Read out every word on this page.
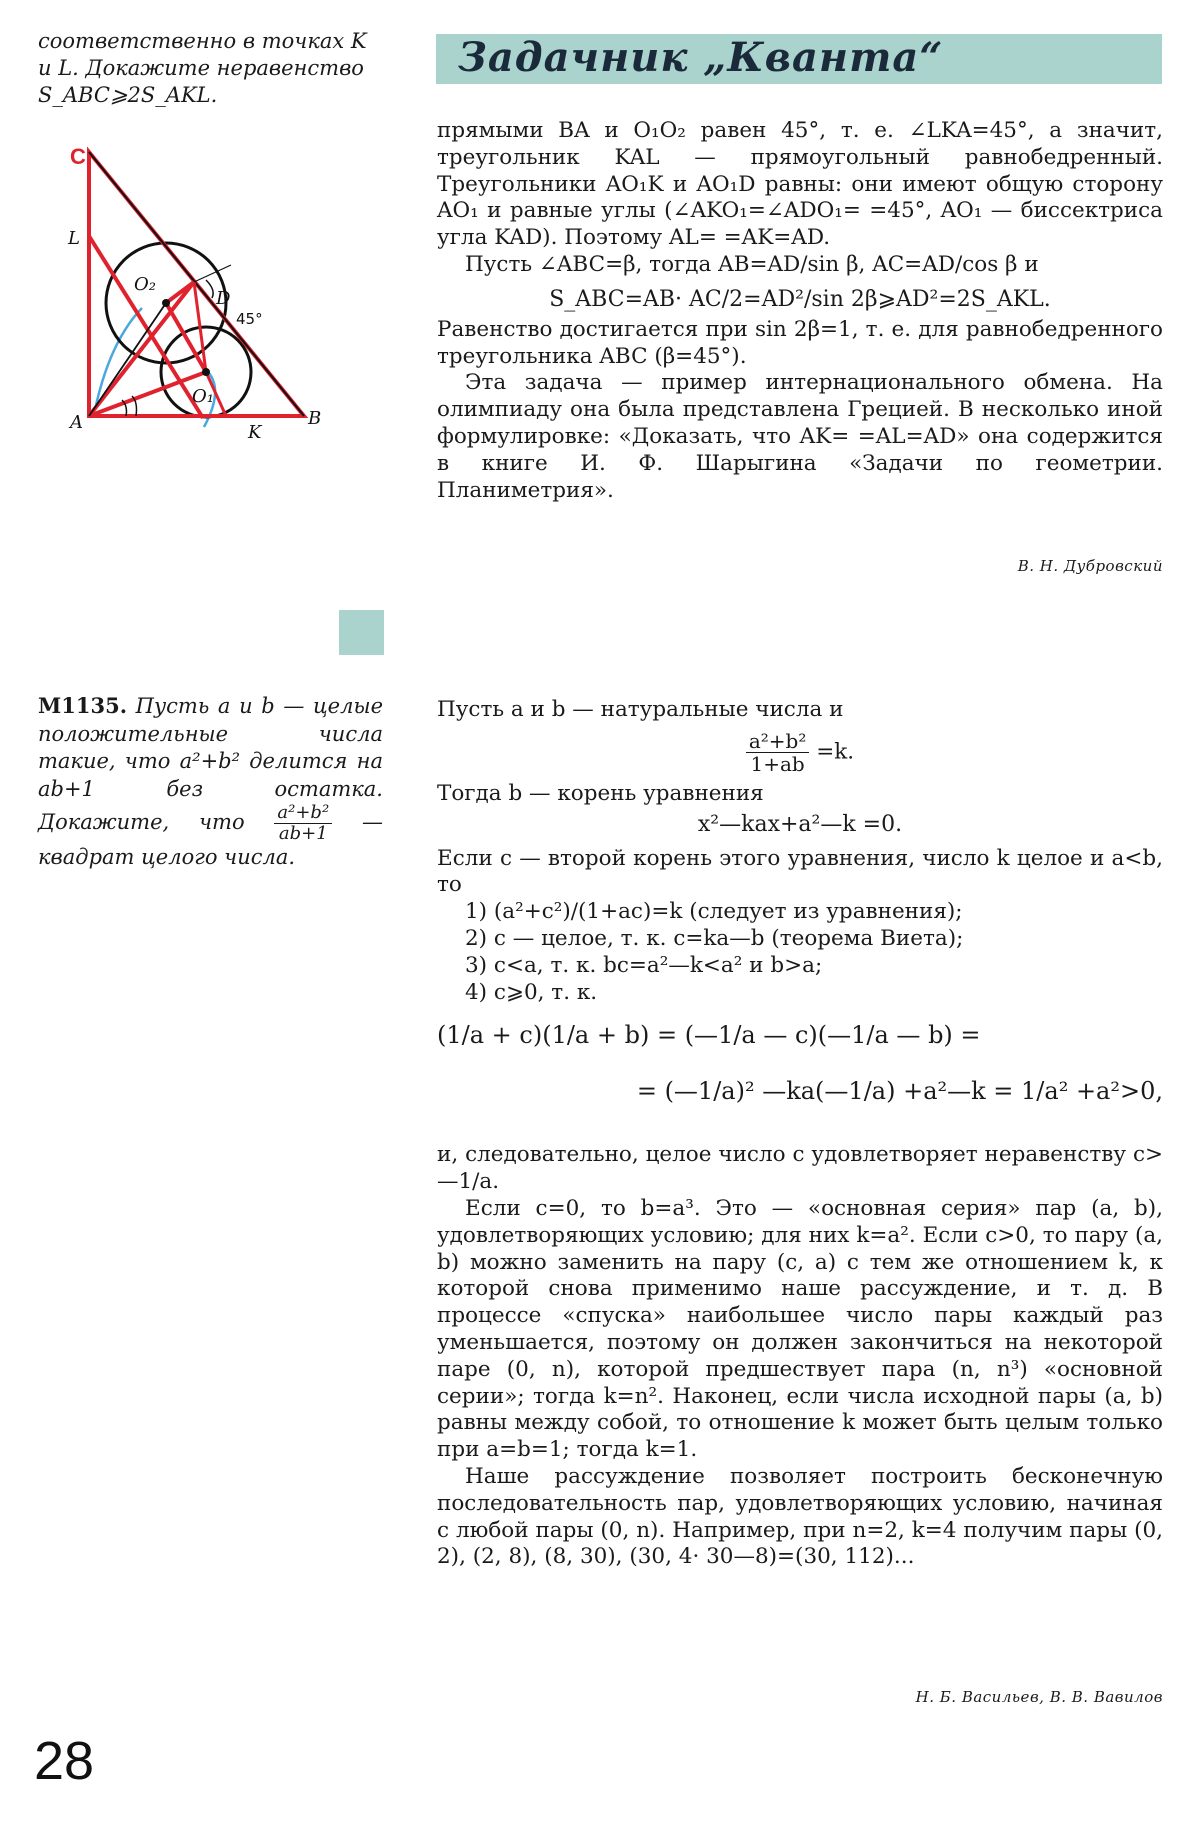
соответственно в точках K
и L. Докажите неравенство
S_ABC⩾2S_AKL.
Задачник „Кванта“
C
L
O₂
D
45°
A
O₁
K
B

прямыми BA и O₁O₂ равен 45°, т. е. ∠LKA=45°, а значит, треугольник KAL — прямоугольный равнобедренный. Треугольники AO₁K и AO₁D равны: они имеют общую сторону AO₁ и равные углы (∠AKO₁=∠ADO₁= =45°, AO₁ — биссектриса угла KAD). Поэтому AL= =AK=AD.

Пусть ∠ABC=β, тогда AB=AD/sin β, AC=AD/cos β и

S_ABC=AB· AC/2=AD²/sin 2β⩾AD²=2S_AKL.

Равенство достигается при sin 2β=1, т. е. для равнобедренного треугольника ABC (β=45°).

Эта задача — пример интернационального обмена. На олимпиаду она была представлена Грецией. В несколько иной формулировке: «Доказать, что AK= =AL=AD» она содержится в книге И. Ф. Шарыгина «Задачи по геометрии. Планиметрия».

В. Н. Дубровский
М1135. Пусть a и b — целые положительные числа такие, что a²+b² делится на ab+1 без остатка. Докажите, что $\frac{\text{a²+b²}}{ab+1}$ — квадрат целого числа.

Пусть a и b — натуральные числа и

$\frac{\text{a²+b²}}{1+ab} =k$.

Тогда b — корень уравнения

x²—kax+a²—k =0.

Если c — второй корень этого уравнения, число k целое и a<b, то

1) (a²+c²)/(1+ac)=k (следует из уравнения);

2) c — целое, т. к. c=ka—b (теорема Виета);

3) c<a, т. к. bc=a²—k<a² и b>a;

4) c⩾0, т. к.

(1/a + c)(1/a + b) = (—1/a — c)(—1/a — b) =
= (—1/a)² —ka(—1/a) +a²—k = 1/a² +a²>0,

и, следовательно, целое число c удовлетворяет неравенству c>—1/a.

Если c=0, то b=a³. Это — «основная серия» пар (a, b), удовлетворяющих условию; для них k=a². Если c>0, то пару (a, b) можно заменить на пару (c, a) с тем же отношением k, к которой снова применимо наше рассуждение, и т. д. В процессе «спуска» наибольшее число пары каждый раз уменьшается, поэтому он должен закончиться на некоторой паре (0, n), которой предшествует пара (n, n³) «основной серии»; тогда k=n². Наконец, если числа исходной пары (a, b) равны между собой, то отношение k может быть целым только при a=b=1; тогда k=1.

Наше рассуждение позволяет построить бесконечную последовательность пар, удовлетворяющих условию, начиная с любой пары (0, n). Например, при n=2, k=4 получим пары (0, 2), (2, 8), (8, 30), (30, 4· 30—8)=(30, 112)...

Н. Б. Васильев, В. В. Вавилов
28
